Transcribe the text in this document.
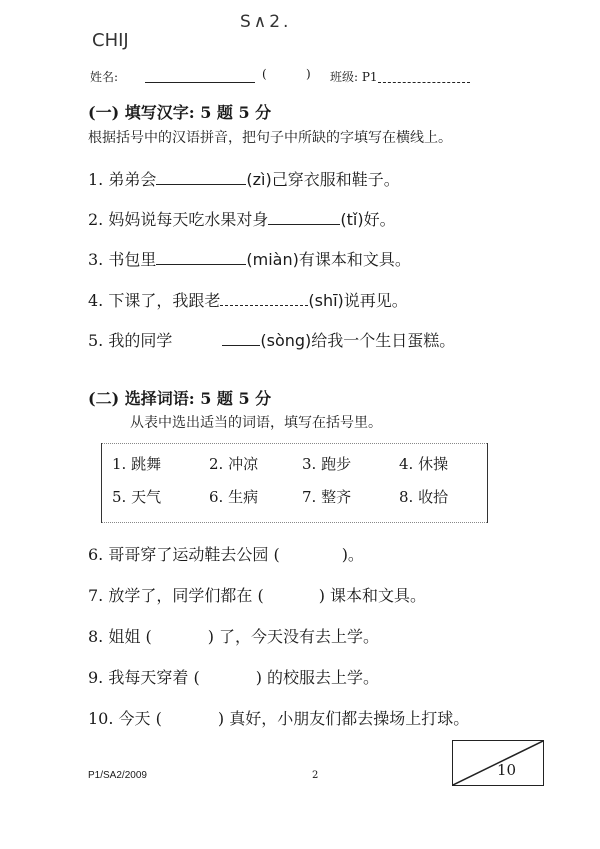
S∧2.
CHIJ
姓名:	(	) 班级: P1
(一) 填写汉字: 5 题 5 分
根据括号中的汉语拼音，把句子中所缺的字填写在横线上。
1. 弟弟会	(zì)己穿衣服和鞋子。
2. 妈妈说每天吃水果对身	(tǐ)好。
3. 书包里	(miàn)有课本和文具。
4. 下课了，我跟老	(shī)说再见。
5. 我的同学	(sòng)给我一个生日蛋糕。
(二) 选择词语: 5 题 5 分
从表中选出适当的词语，填写在括号里。
1. 跳舞	2. 冲凉	3. 跑步	4. 休操
5. 天气	6. 生病	7. 整齐	8. 收拾
6. 哥哥穿了运动鞋去公园 (	)。
7. 放学了，同学们都在 (	) 课本和文具。
8. 姐姐 (	) 了，今天没有去上学。
9. 我每天穿着 (	) 的校服去上学。
10. 今天 (	) 真好，小朋友们都去操场上打球。
P1/SA2/2009	2	10
